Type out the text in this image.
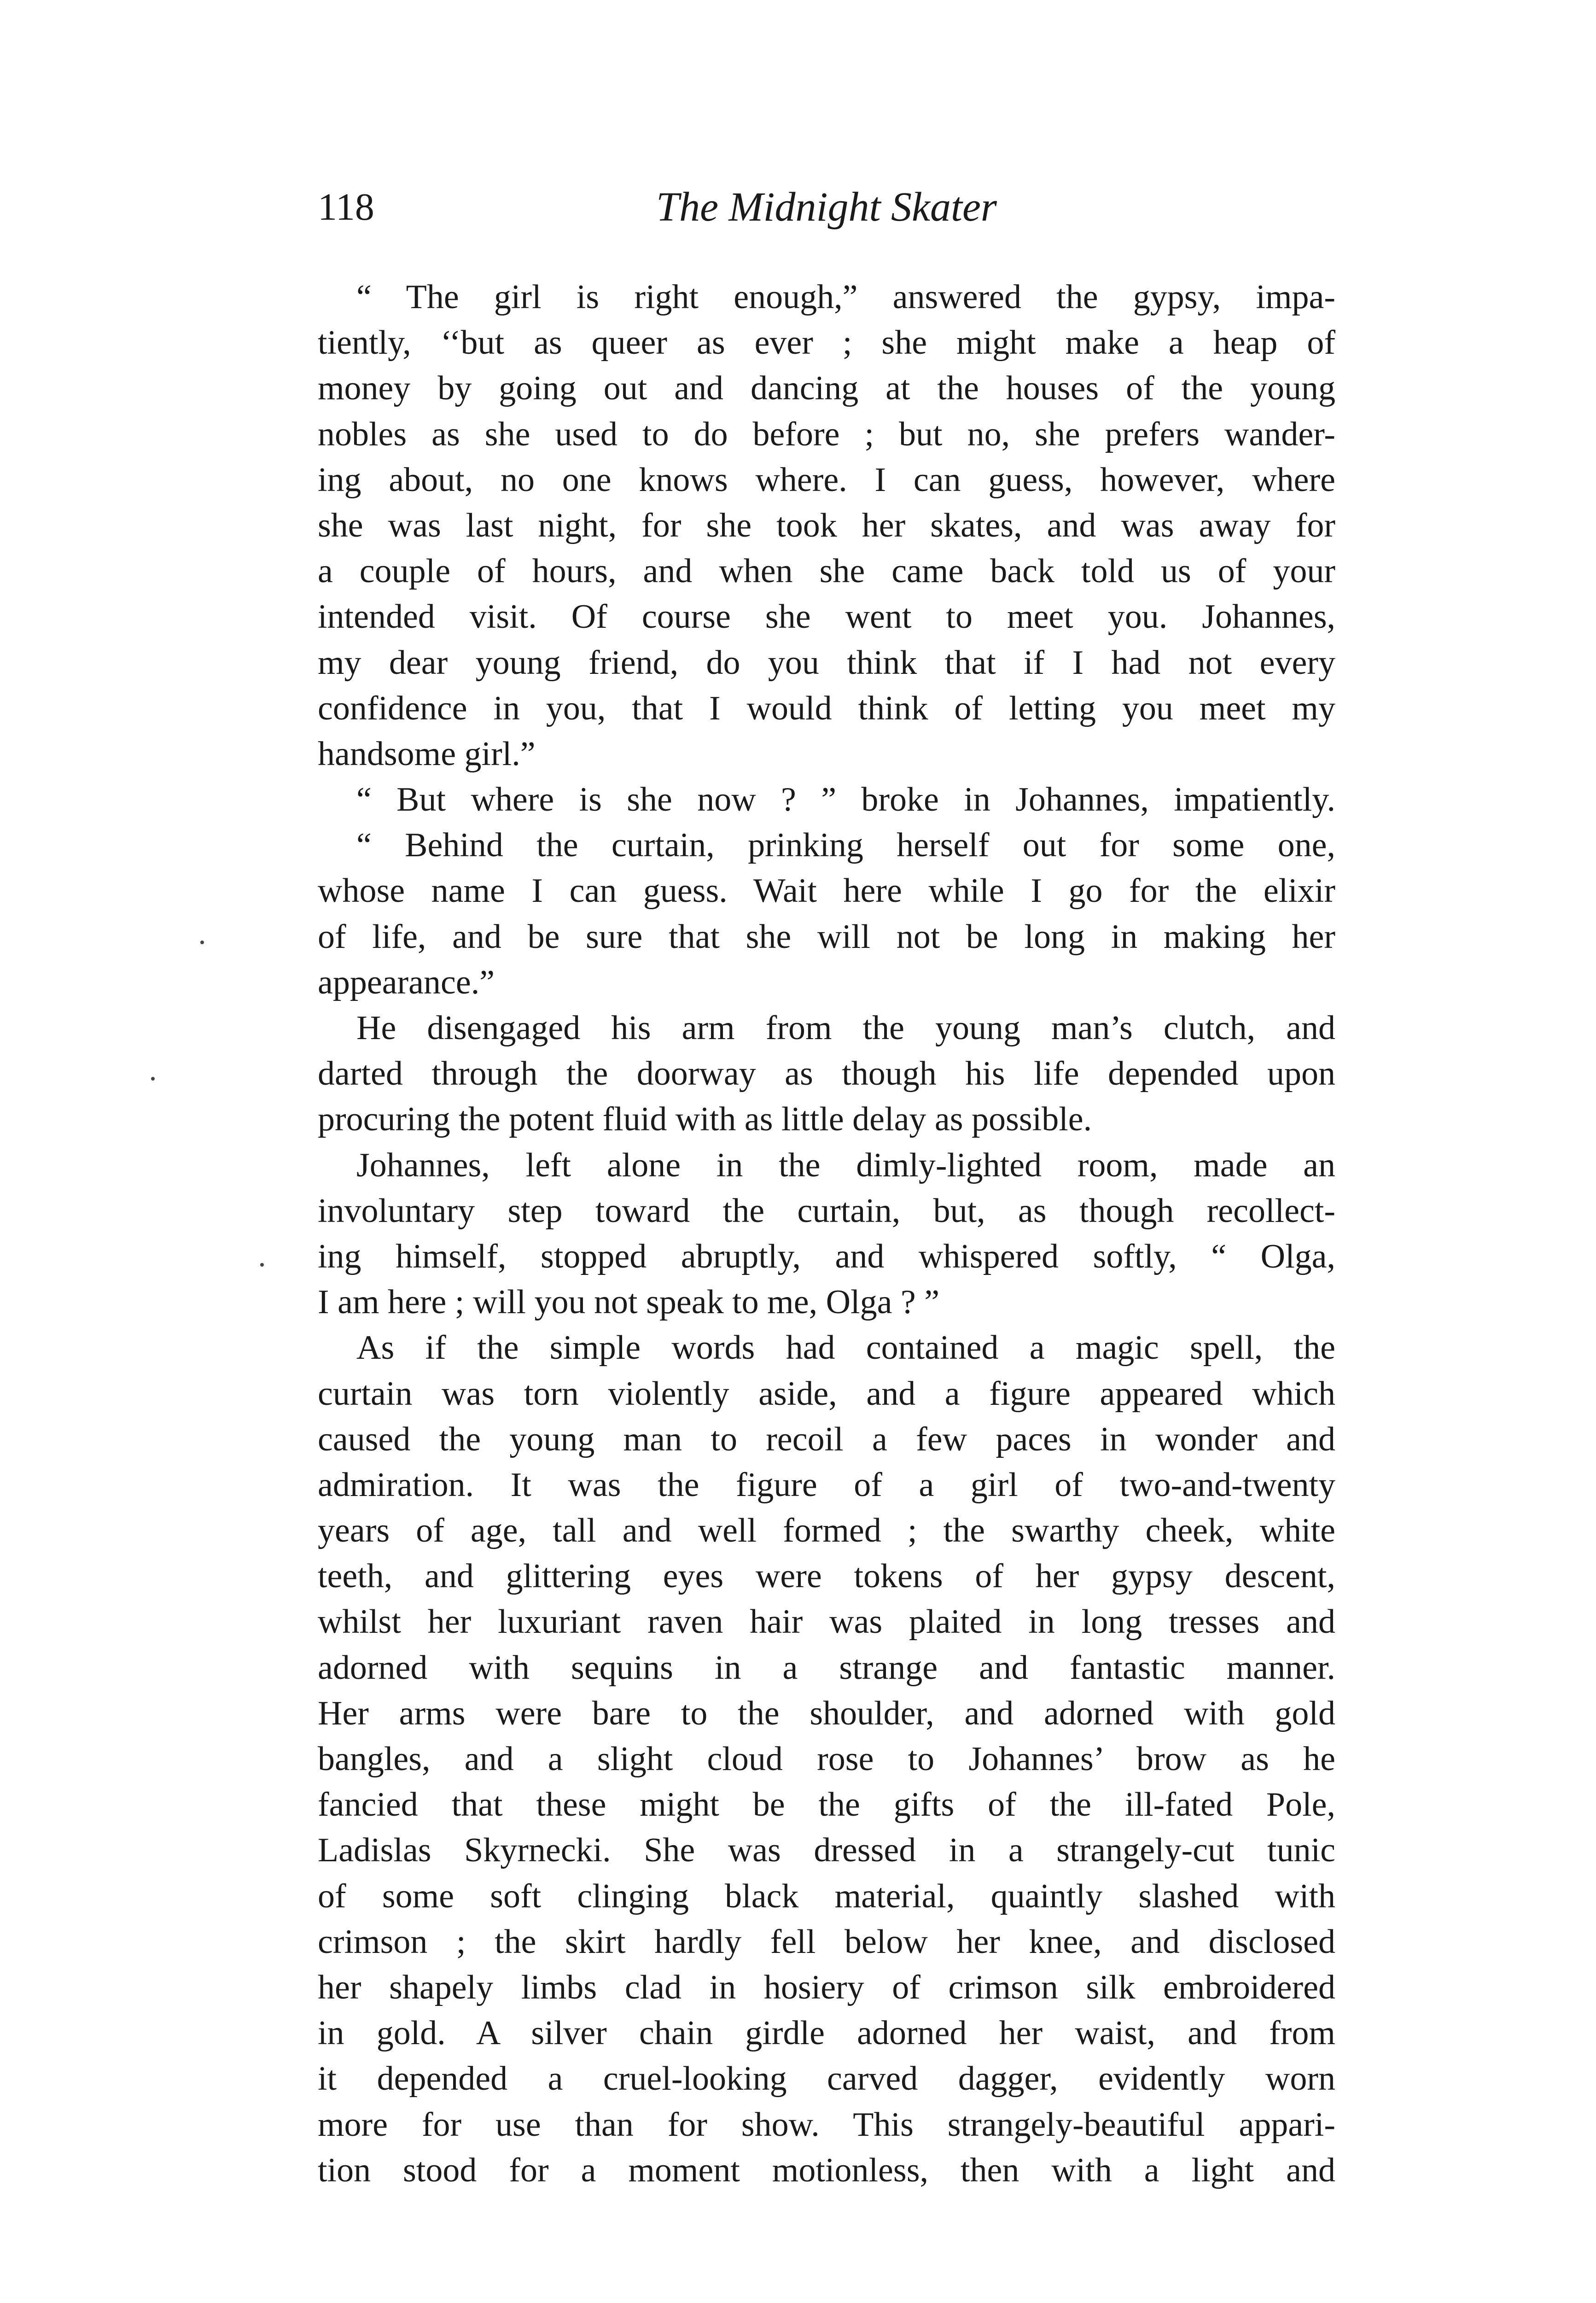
118	The Midnight Skater
“ The girl is right enough,” answered the gypsy, impa-
tiently, ‘‘but as queer as ever ; she might make a heap of
money by going out and dancing at the houses of the young
nobles as she used to do before ; but no, she prefers wander-
ing about, no one knows where. I can guess, however, where
she was last night, for she took her skates, and was away for
a couple of hours, and when she came back told us of your
intended visit. Of course she went to meet you. Johannes,
my dear young friend, do you think that if I had not every
confidence in you, that I would think of letting you meet my
handsome girl.”
“ But where is she now ? ” broke in Johannes, impatiently.
“ Behind the curtain, prinking herself out for some one,
whose name I can guess. Wait here while I go for the elixir
of life, and be sure that she will not be long in making her
appearance.”
He disengaged his arm from the young man’s clutch, and
darted through the doorway as though his life depended upon
procuring the potent fluid with as little delay as possible.
Johannes, left alone in the dimly-lighted room, made an
involuntary step toward the curtain, but, as though recollect-
ing himself, stopped abruptly, and whispered softly, “ Olga,
I am here ; will you not speak to me, Olga ? ”
As if the simple words had contained a magic spell, the
curtain was torn violently aside, and a figure appeared which
caused the young man to recoil a few paces in wonder and
admiration. It was the figure of a girl of two-and-twenty
years of age, tall and well formed ; the swarthy cheek, white
teeth, and glittering eyes were tokens of her gypsy descent,
whilst her luxuriant raven hair was plaited in long tresses and
adorned with sequins in a strange and fantastic manner.
Her arms were bare to the shoulder, and adorned with gold
bangles, and a slight cloud rose to Johannes’ brow as he
fancied that these might be the gifts of the ill-fated Pole,
Ladislas Skyrnecki. She was dressed in a strangely-cut tunic
of some soft clinging black material, quaintly slashed with
crimson ; the skirt hardly fell below her knee, and disclosed
her shapely limbs clad in hosiery of crimson silk embroidered
in gold. A silver chain girdle adorned her waist, and from
it depended a cruel-looking carved dagger, evidently worn
more for use than for show. This strangely-beautiful appari-
tion stood for a moment motionless, then with a light and
